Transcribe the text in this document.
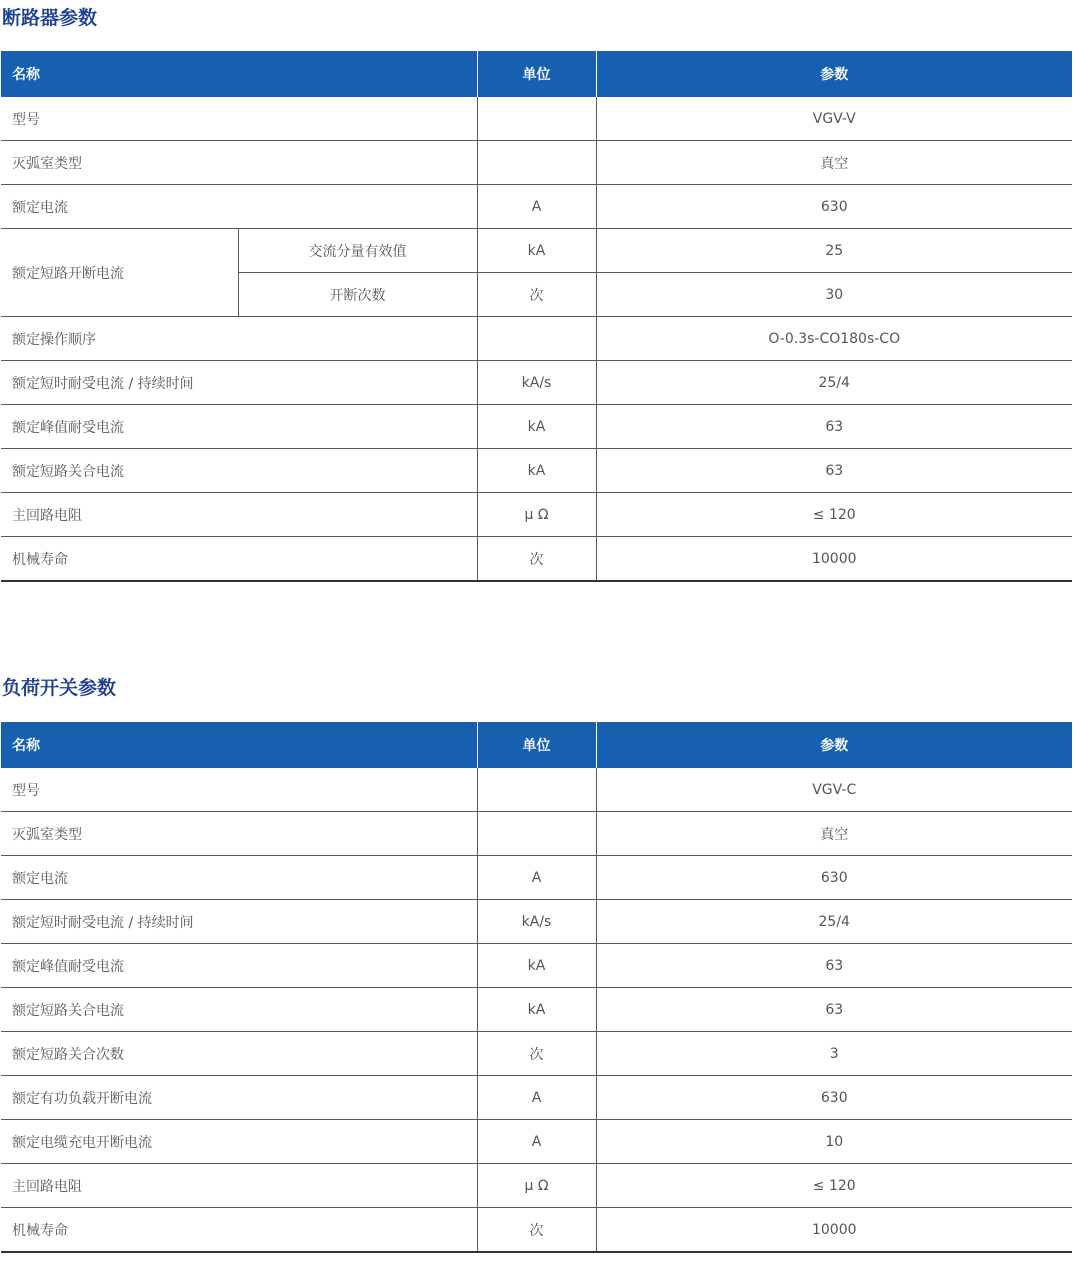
断路器参数
名称		单位	参数
型号			VGV-V
灭弧室类型			真空
额定电流		A	630
额定短路开断电流	交流分量有效值	kA	25
	开断次数	次	30
额定操作顺序			O-0.3s-CO180s-CO
额定短时耐受电流 / 持续时间		kA/s	25/4
额定峰值耐受电流		kA	63
额定短路关合电流		kA	63
主回路电阻		μ Ω	≤ 120
机械寿命		次	10000
负荷开关参数
名称	单位	参数
型号		VGV-C
灭弧室类型		真空
额定电流	A	630
额定短时耐受电流 / 持续时间	kA/s	25/4
额定峰值耐受电流	kA	63
额定短路关合电流	kA	63
额定短路关合次数	次	3
额定有功负载开断电流	A	630
额定电缆充电开断电流	A	10
主回路电阻	μ Ω	≤ 120
机械寿命	次	10000
